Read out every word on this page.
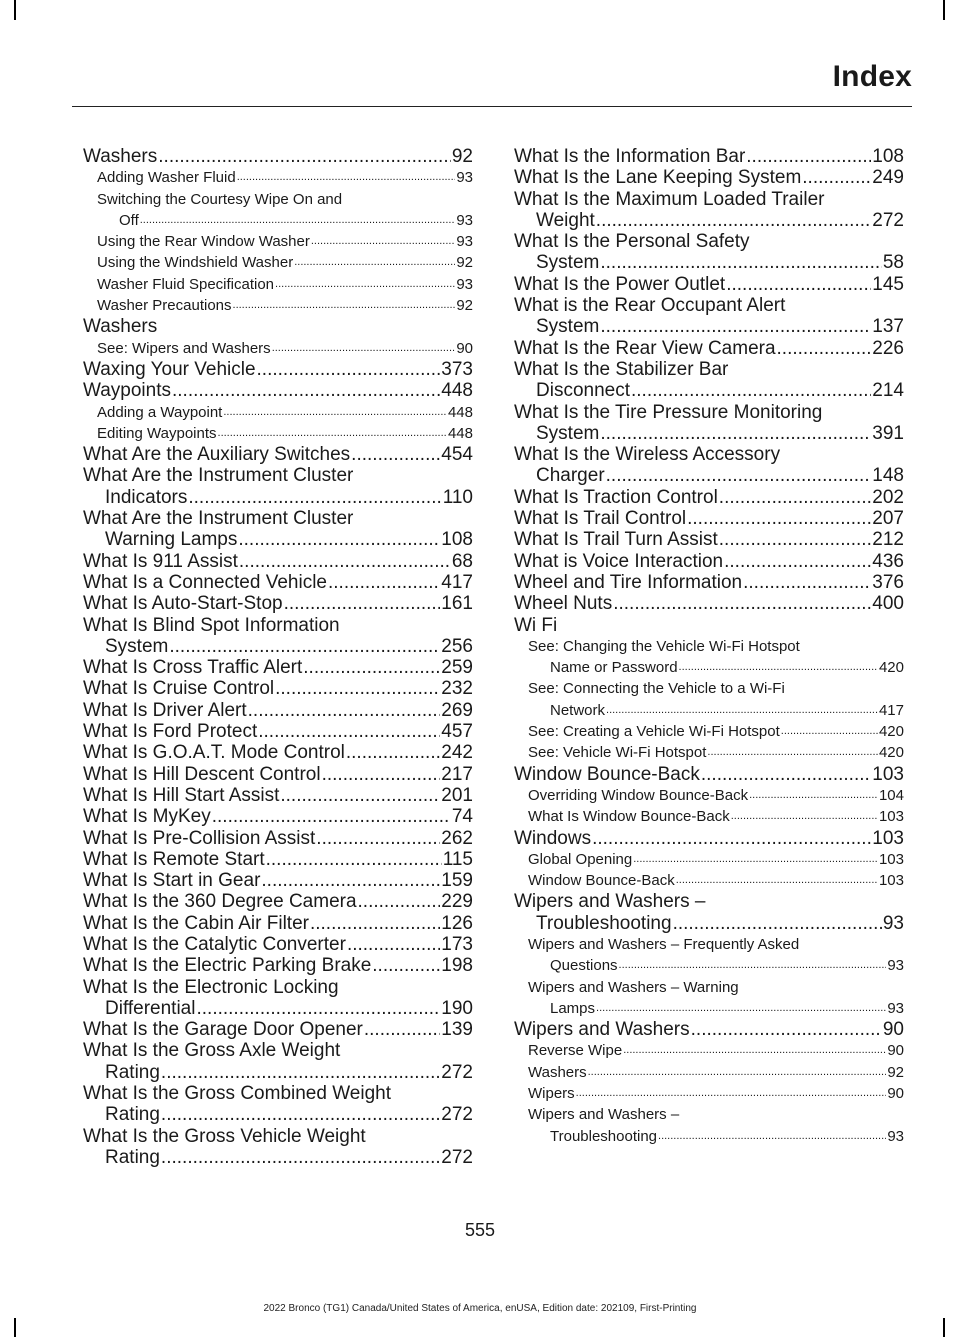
Index
Washers .....	92
Adding Washer Fluid .....	93
Switching the Courtesy Wipe On and
Off .....	93
Using the Rear Window Washer .....	93
Using the Windshield Washer .....	92
Washer Fluid Specification .....	93
Washer Precautions .....	92
Washers
See: Wipers and Washers .....	90
Waxing Your Vehicle .....	373
Waypoints .....	448
Adding a Waypoint .....	448
Editing Waypoints .....	448
What Are the Auxiliary Switches .....	454
What Are the Instrument Cluster
Indicators .....	110
What Are the Instrument Cluster
Warning Lamps .....	108
What Is 911 Assist .....	68
What Is a Connected Vehicle .....	417
What Is Auto-Start-Stop .....	161
What Is Blind Spot Information
System .....	256
What Is Cross Traffic Alert .....	259
What Is Cruise Control .....	232
What Is Driver Alert .....	269
What Is Ford Protect .....	457
What Is G.O.A.T. Mode Control .....	242
What Is Hill Descent Control .....	217
What Is Hill Start Assist .....	201
What Is MyKey .....	74
What Is Pre-Collision Assist .....	262
What Is Remote Start .....	115
What Is Start in Gear .....	159
What Is the 360 Degree Camera .....	229
What Is the Cabin Air Filter .....	126
What Is the Catalytic Converter .....	173
What Is the Electric Parking Brake .....	198
What Is the Electronic Locking
Differential .....	190
What Is the Garage Door Opener .....	139
What Is the Gross Axle Weight
Rating .....	272
What Is the Gross Combined Weight
Rating .....	272
What Is the Gross Vehicle Weight
Rating .....	272
What Is the Information Bar .....	108
What Is the Lane Keeping System .....	249
What Is the Maximum Loaded Trailer
Weight .....	272
What Is the Personal Safety
System .....	58
What Is the Power Outlet .....	145
What is the Rear Occupant Alert
System .....	137
What Is the Rear View Camera .....	226
What Is the Stabilizer Bar
Disconnect .....	214
What Is the Tire Pressure Monitoring
System .....	391
What Is the Wireless Accessory
Charger .....	148
What Is Traction Control .....	202
What Is Trail Control .....	207
What Is Trail Turn Assist .....	212
What is Voice Interaction .....	436
Wheel and Tire Information .....	376
Wheel Nuts .....	400
Wi Fi
See: Changing the Vehicle Wi-Fi Hotspot
Name or Password .....	420
See: Connecting the Vehicle to a Wi-Fi
Network .....	417
See: Creating a Vehicle Wi-Fi Hotspot .....	420
See: Vehicle Wi-Fi Hotspot .....	420
Window Bounce-Back .....	103
Overriding Window Bounce-Back .....	104
What Is Window Bounce-Back .....	103
Windows .....	103
Global Opening .....	103
Window Bounce-Back .....	103
Wipers and Washers –
Troubleshooting .....	93
Wipers and Washers – Frequently Asked
Questions .....	93
Wipers and Washers – Warning
Lamps .....	93
Wipers and Washers .....	90
Reverse Wipe .....	90
Washers .....	92
Wipers .....	90
Wipers and Washers –
Troubleshooting .....	93
555
2022 Bronco (TG1) Canada/United States of America, enUSA, Edition date: 202109, First-Printing
